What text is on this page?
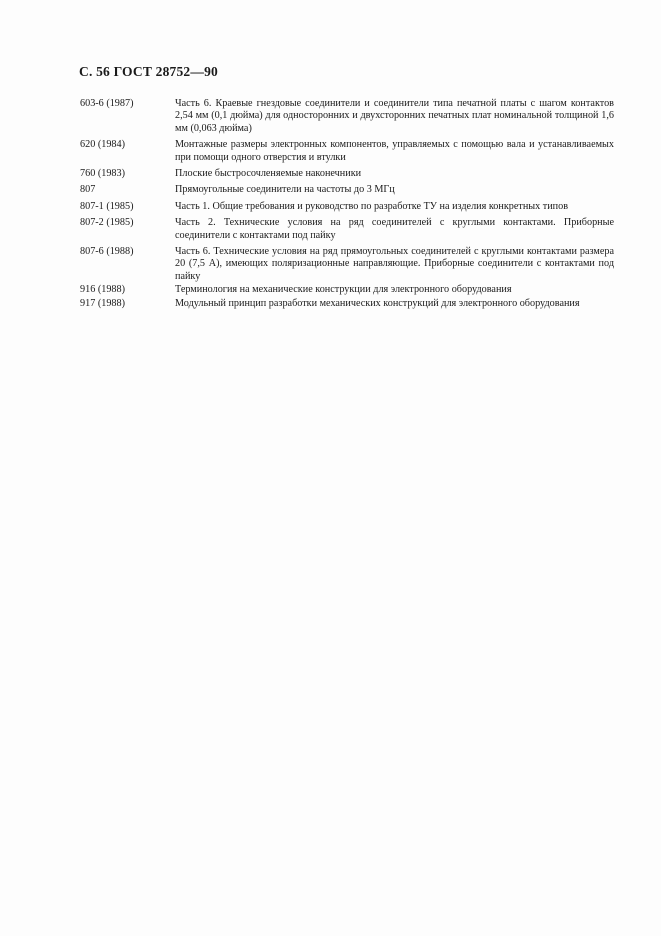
С. 56 ГОСТ 28752—90
603-6 (1987)	Часть 6. Краевые гнездовые соединители и соединители типа печатной платы с шагом контактов 2,54 мм (0,1 дюйма) для односторонних и двухсторонних печатных плат номинальной толщиной 1,6 мм (0,063 дюйма)
620 (1984)	Монтажные размеры электронных компонентов, управляемых с помощью вала и устанавливаемых при помощи одного отверстия и втулки
760 (1983)	Плоские быстросочленяемые наконечники
807	Прямоугольные соединители на частоты до 3 МГц
807-1 (1985)	Часть 1. Общие требования и руководство по разработке ТУ на изделия конкретных типов
807-2 (1985)	Часть 2. Технические условия на ряд соединителей с круглыми контактами. Приборные соединители с контактами под пайку
807-6 (1988)	Часть 6. Технические условия на ряд прямоугольных соединителей с круглыми контактами размера 20 (7,5 А), имеющих поляризационные направляющие. Приборные соединители с контактами под пайку
916 (1988)	Терминология на механические конструкции для электронного оборудования
917 (1988)	Модульный принцип разработки механических конструкций для электронного оборудования
